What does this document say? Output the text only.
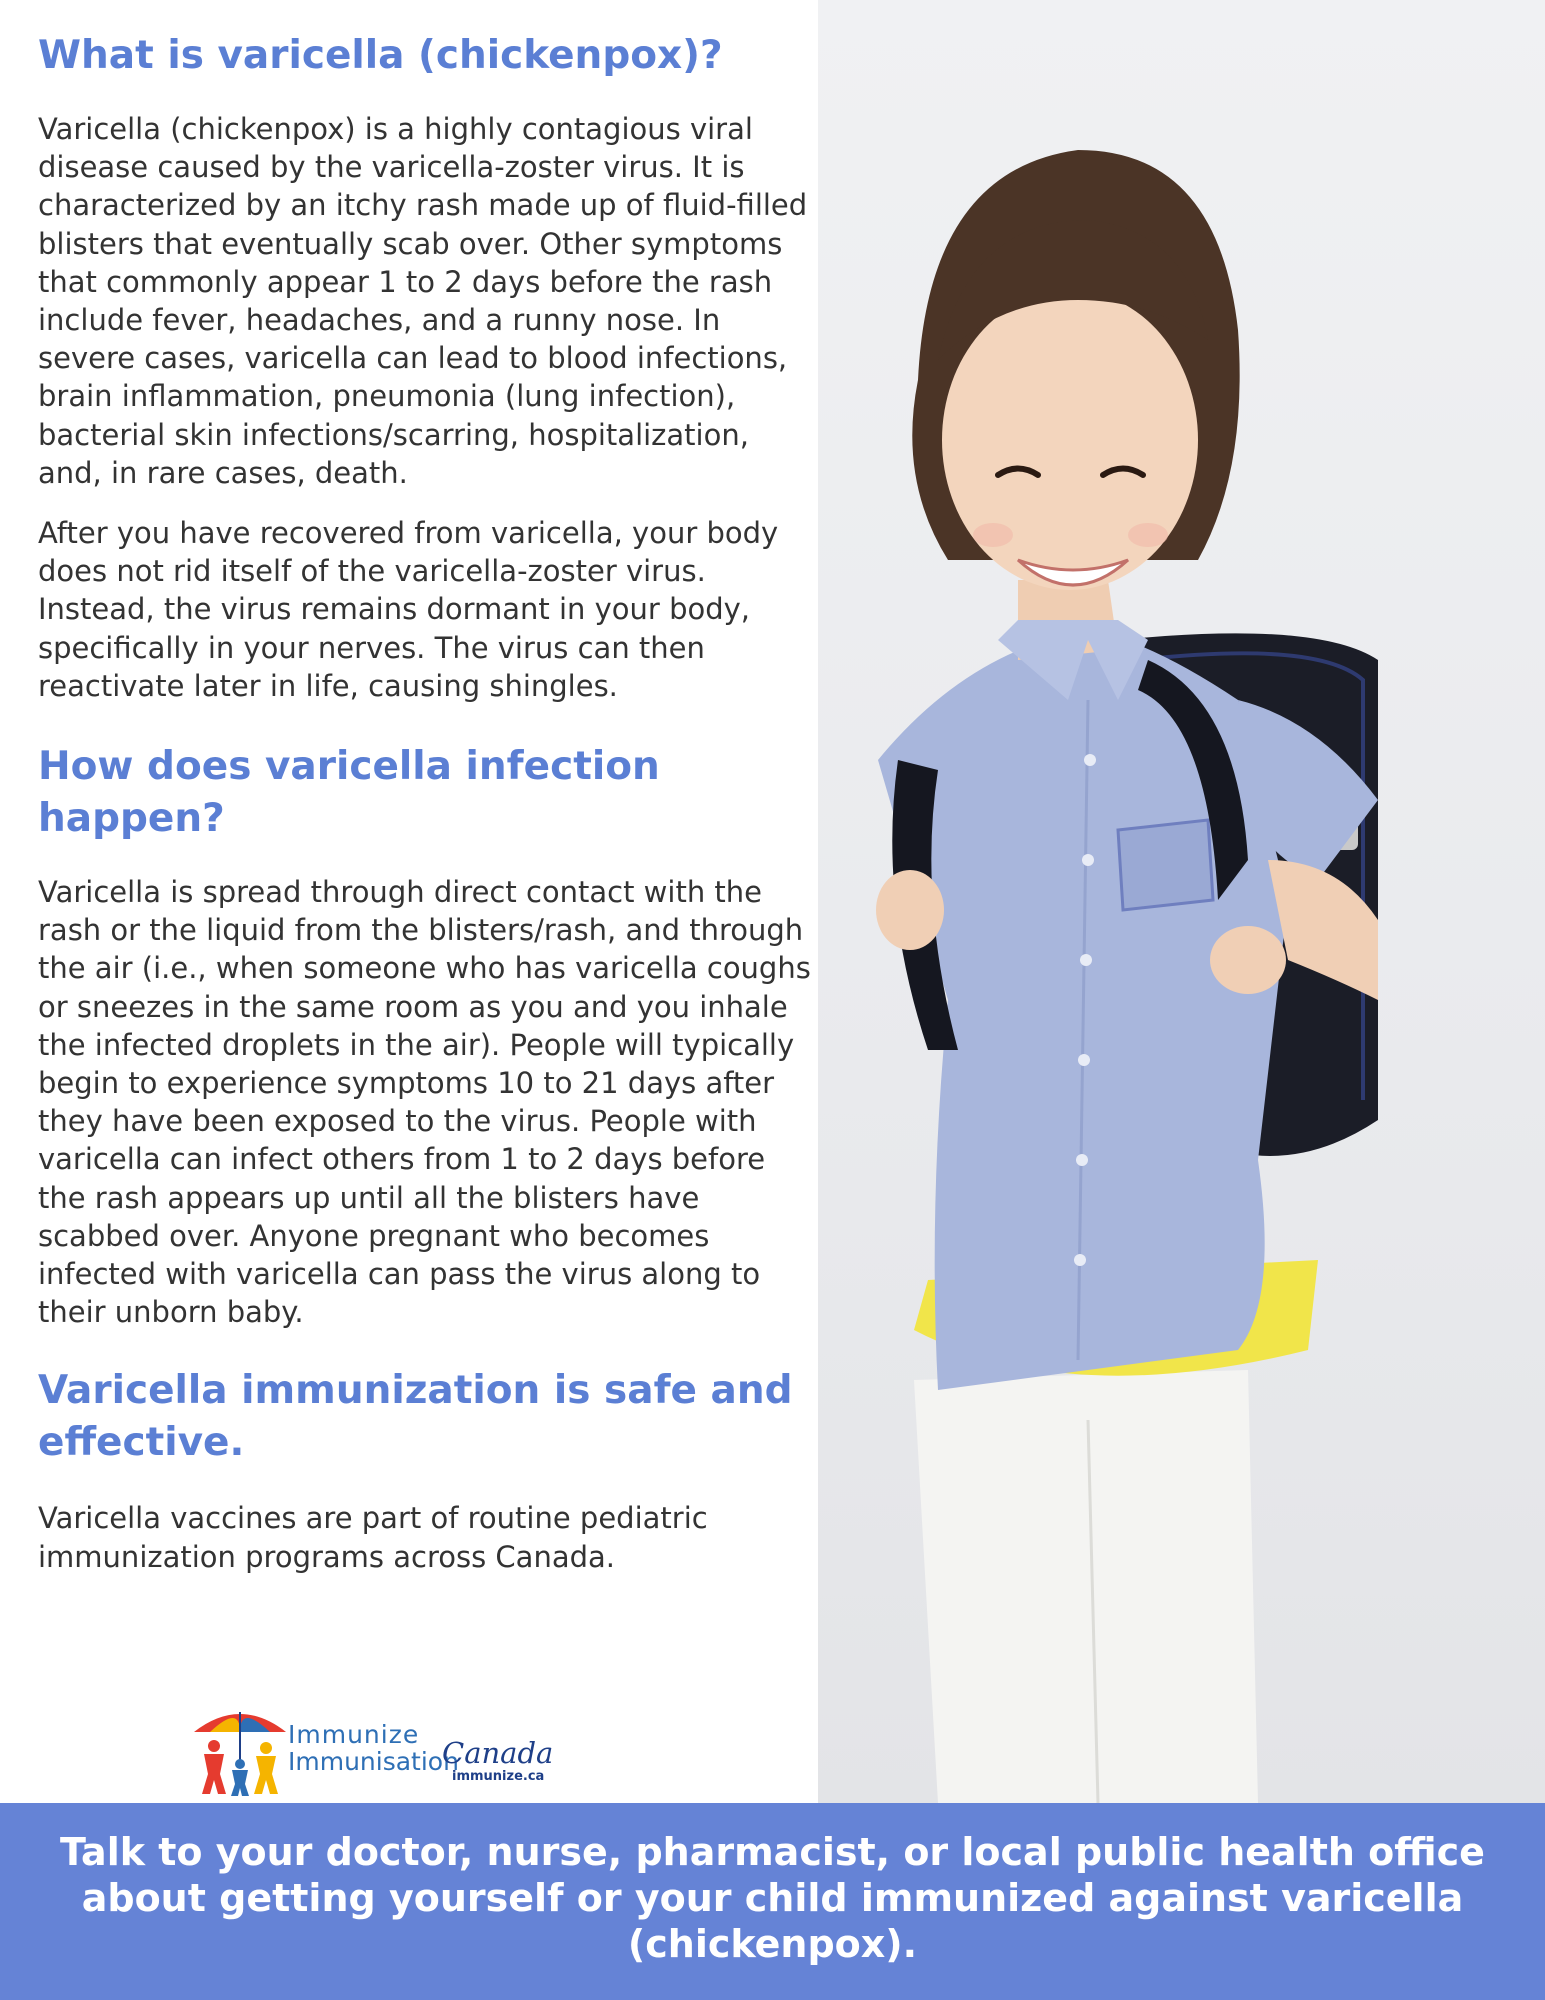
What is varicella (chickenpox)?

Varicella (chickenpox) is a highly contagious viral disease caused by the varicella-zoster virus. It is characterized by an itchy rash made up of fluid-filled blisters that eventually scab over. Other symptoms that commonly appear 1 to 2 days before the rash include fever, headaches, and a runny nose. In severe cases, varicella can lead to blood infections, brain inflammation, pneumonia (lung infection), bacterial skin infections/scarring, hospitalization, and, in rare cases, death.

After you have recovered from varicella, your body does not rid itself of the varicella-zoster virus. Instead, the virus remains dormant in your body, specifically in your nerves. The virus can then reactivate later in life, causing shingles.

How does varicella infection happen?

Varicella is spread through direct contact with the rash or the liquid from the blisters/rash, and through the air (i.e., when someone who has varicella coughs or sneezes in the same room as you and you inhale the infected droplets in the air). People will typically begin to experience symptoms 10 to 21 days after they have been exposed to the virus. People with varicella can infect others from 1 to 2 days before the rash appears up until all the blisters have scabbed over. Anyone pregnant who becomes infected with varicella can pass the virus along to their unborn baby.

Varicella immunization is safe and effective.

Varicella vaccines are part of routine pediatric immunization programs across Canada.

Immunize
Immunisation
Canada
immunize.ca

Talk to your doctor, nurse, pharmacist, or local public health office about getting yourself or your child immunized against varicella (chickenpox).
